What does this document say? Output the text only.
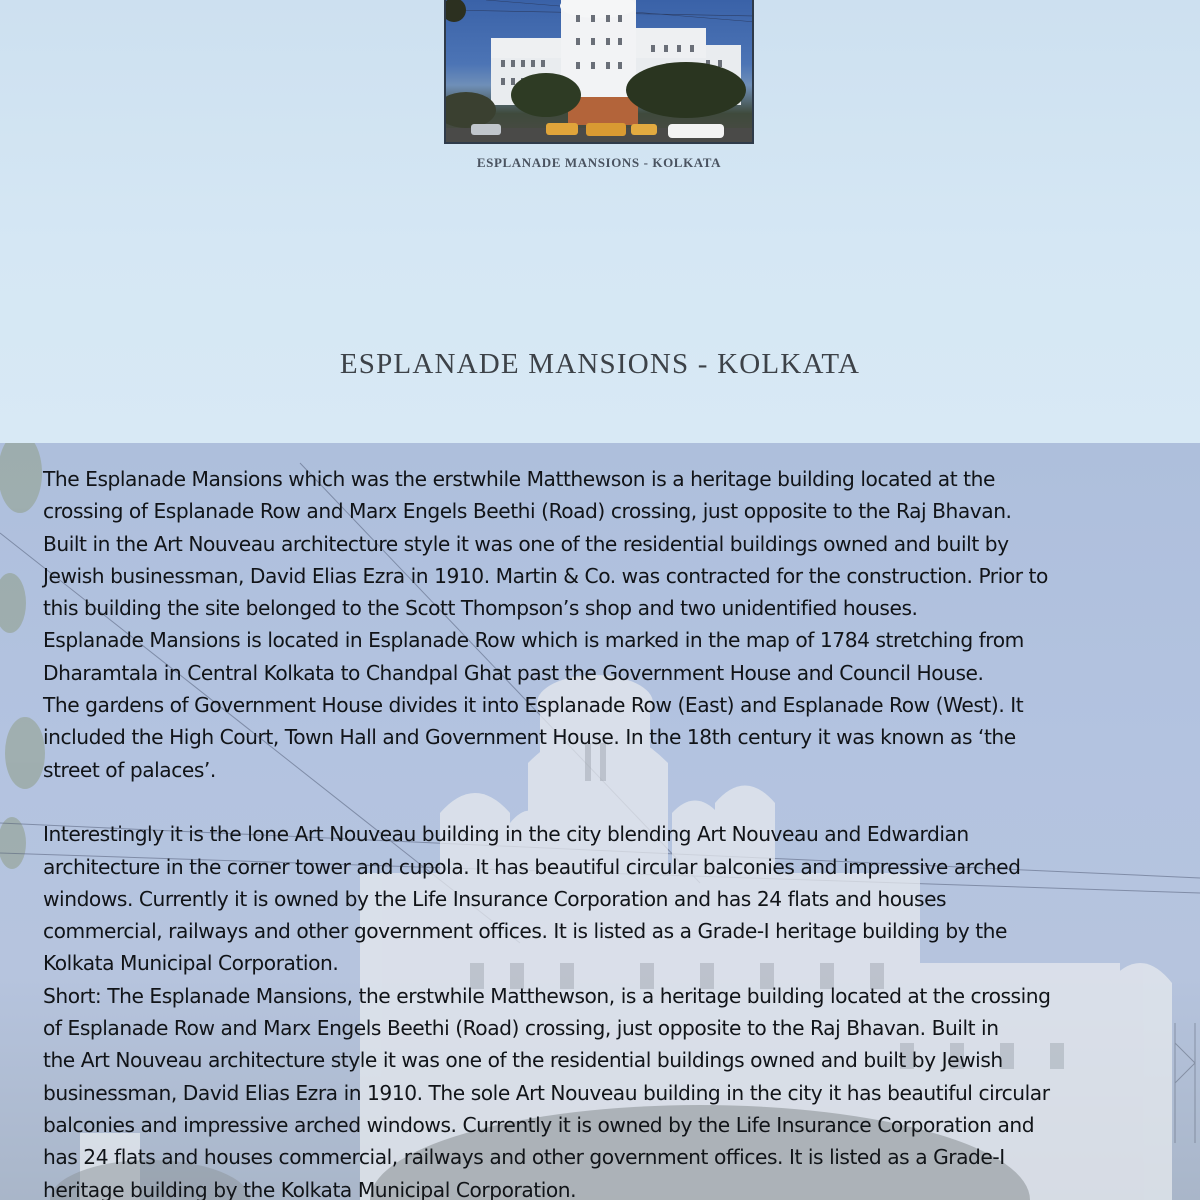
ESPLANADE MANSIONS - KOLKATA
ESPLANADE MANSIONS - KOLKATA

The Esplanade Mansions which was the erstwhile Matthewson is a heritage building located at the

crossing of Esplanade Row and Marx Engels Beethi (Road) crossing, just opposite to the Raj Bhavan.

Built in the Art Nouveau architecture style it was one of the residential buildings owned and built by

Jewish businessman, David Elias Ezra in 1910. Martin & Co. was contracted for the construction. Prior to

this building the site belonged to the Scott Thompson’s shop and two unidentified houses.

Esplanade Mansions is located in Esplanade Row which is marked in the map of 1784 stretching from

Dharamtala in Central Kolkata to Chandpal Ghat past the Government House and Council House.

The gardens of Government House divides it into Esplanade Row (East) and Esplanade Row (West). It

included the High Court, Town Hall and Government House. In the 18th century it was known as ‘the

street of palaces’.

Interestingly it is the lone Art Nouveau building in the city blending Art Nouveau and Edwardian

architecture in the corner tower and cupola. It has beautiful circular balconies and impressive arched

windows. Currently it is owned by the Life Insurance Corporation and has 24 flats and houses

commercial, railways and other government offices. It is listed as a Grade-I heritage building by the

Kolkata Municipal Corporation.

Short: The Esplanade Mansions, the erstwhile Matthewson, is a heritage building located at the crossing

of Esplanade Row and Marx Engels Beethi (Road) crossing, just opposite to the Raj Bhavan. Built in

the Art Nouveau architecture style it was one of the residential buildings owned and built by Jewish

businessman, David Elias Ezra in 1910. The sole Art Nouveau building in the city it has beautiful circular

balconies and impressive arched windows. Currently it is owned by the Life Insurance Corporation and

has 24 flats and houses commercial, railways and other government offices. It is listed as a Grade-I

heritage building by the Kolkata Municipal Corporation.
